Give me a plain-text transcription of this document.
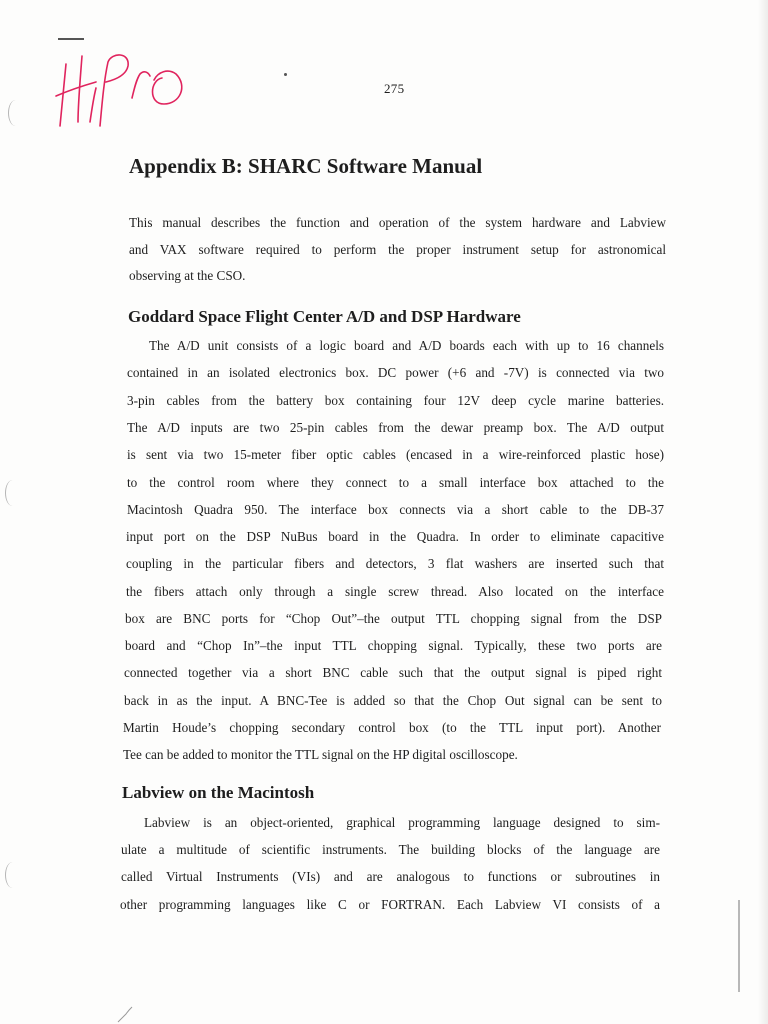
275
Appendix B: SHARC Software Manual
This manual describes the function and operation of the system hardware and Labview
and VAX software required to perform the proper instrument setup for astronomical
observing at the CSO.
Goddard Space Flight Center A/D and DSP Hardware
The A/D unit consists of a logic board and A/D boards each with up to 16 channels
contained in an isolated electronics box. DC power (+6 and -7V) is connected via two
3-pin cables from the battery box containing four 12V deep cycle marine batteries.
The A/D inputs are two 25-pin cables from the dewar preamp box. The A/D output
is sent via two 15-meter fiber optic cables (encased in a wire-reinforced plastic hose)
to the control room where they connect to a small interface box attached to the
Macintosh Quadra 950. The interface box connects via a short cable to the DB-37
input port on the DSP NuBus board in the Quadra. In order to eliminate capacitive
coupling in the particular fibers and detectors, 3 flat washers are inserted such that
the fibers attach only through a single screw thread. Also located on the interface
box are BNC ports for “Chop Out”–the output TTL chopping signal from the DSP
board and “Chop In”–the input TTL chopping signal. Typically, these two ports are
connected together via a short BNC cable such that the output signal is piped right
back in as the input. A BNC-Tee is added so that the Chop Out signal can be sent to
Martin Houde’s chopping secondary control box (to the TTL input port). Another
Tee can be added to monitor the TTL signal on the HP digital oscilloscope.
Labview on the Macintosh
Labview is an object-oriented, graphical programming language designed to sim-
ulate a multitude of scientific instruments. The building blocks of the language are
called Virtual Instruments (VIs) and are analogous to functions or subroutines in
other programming languages like C or FORTRAN. Each Labview VI consists of a
